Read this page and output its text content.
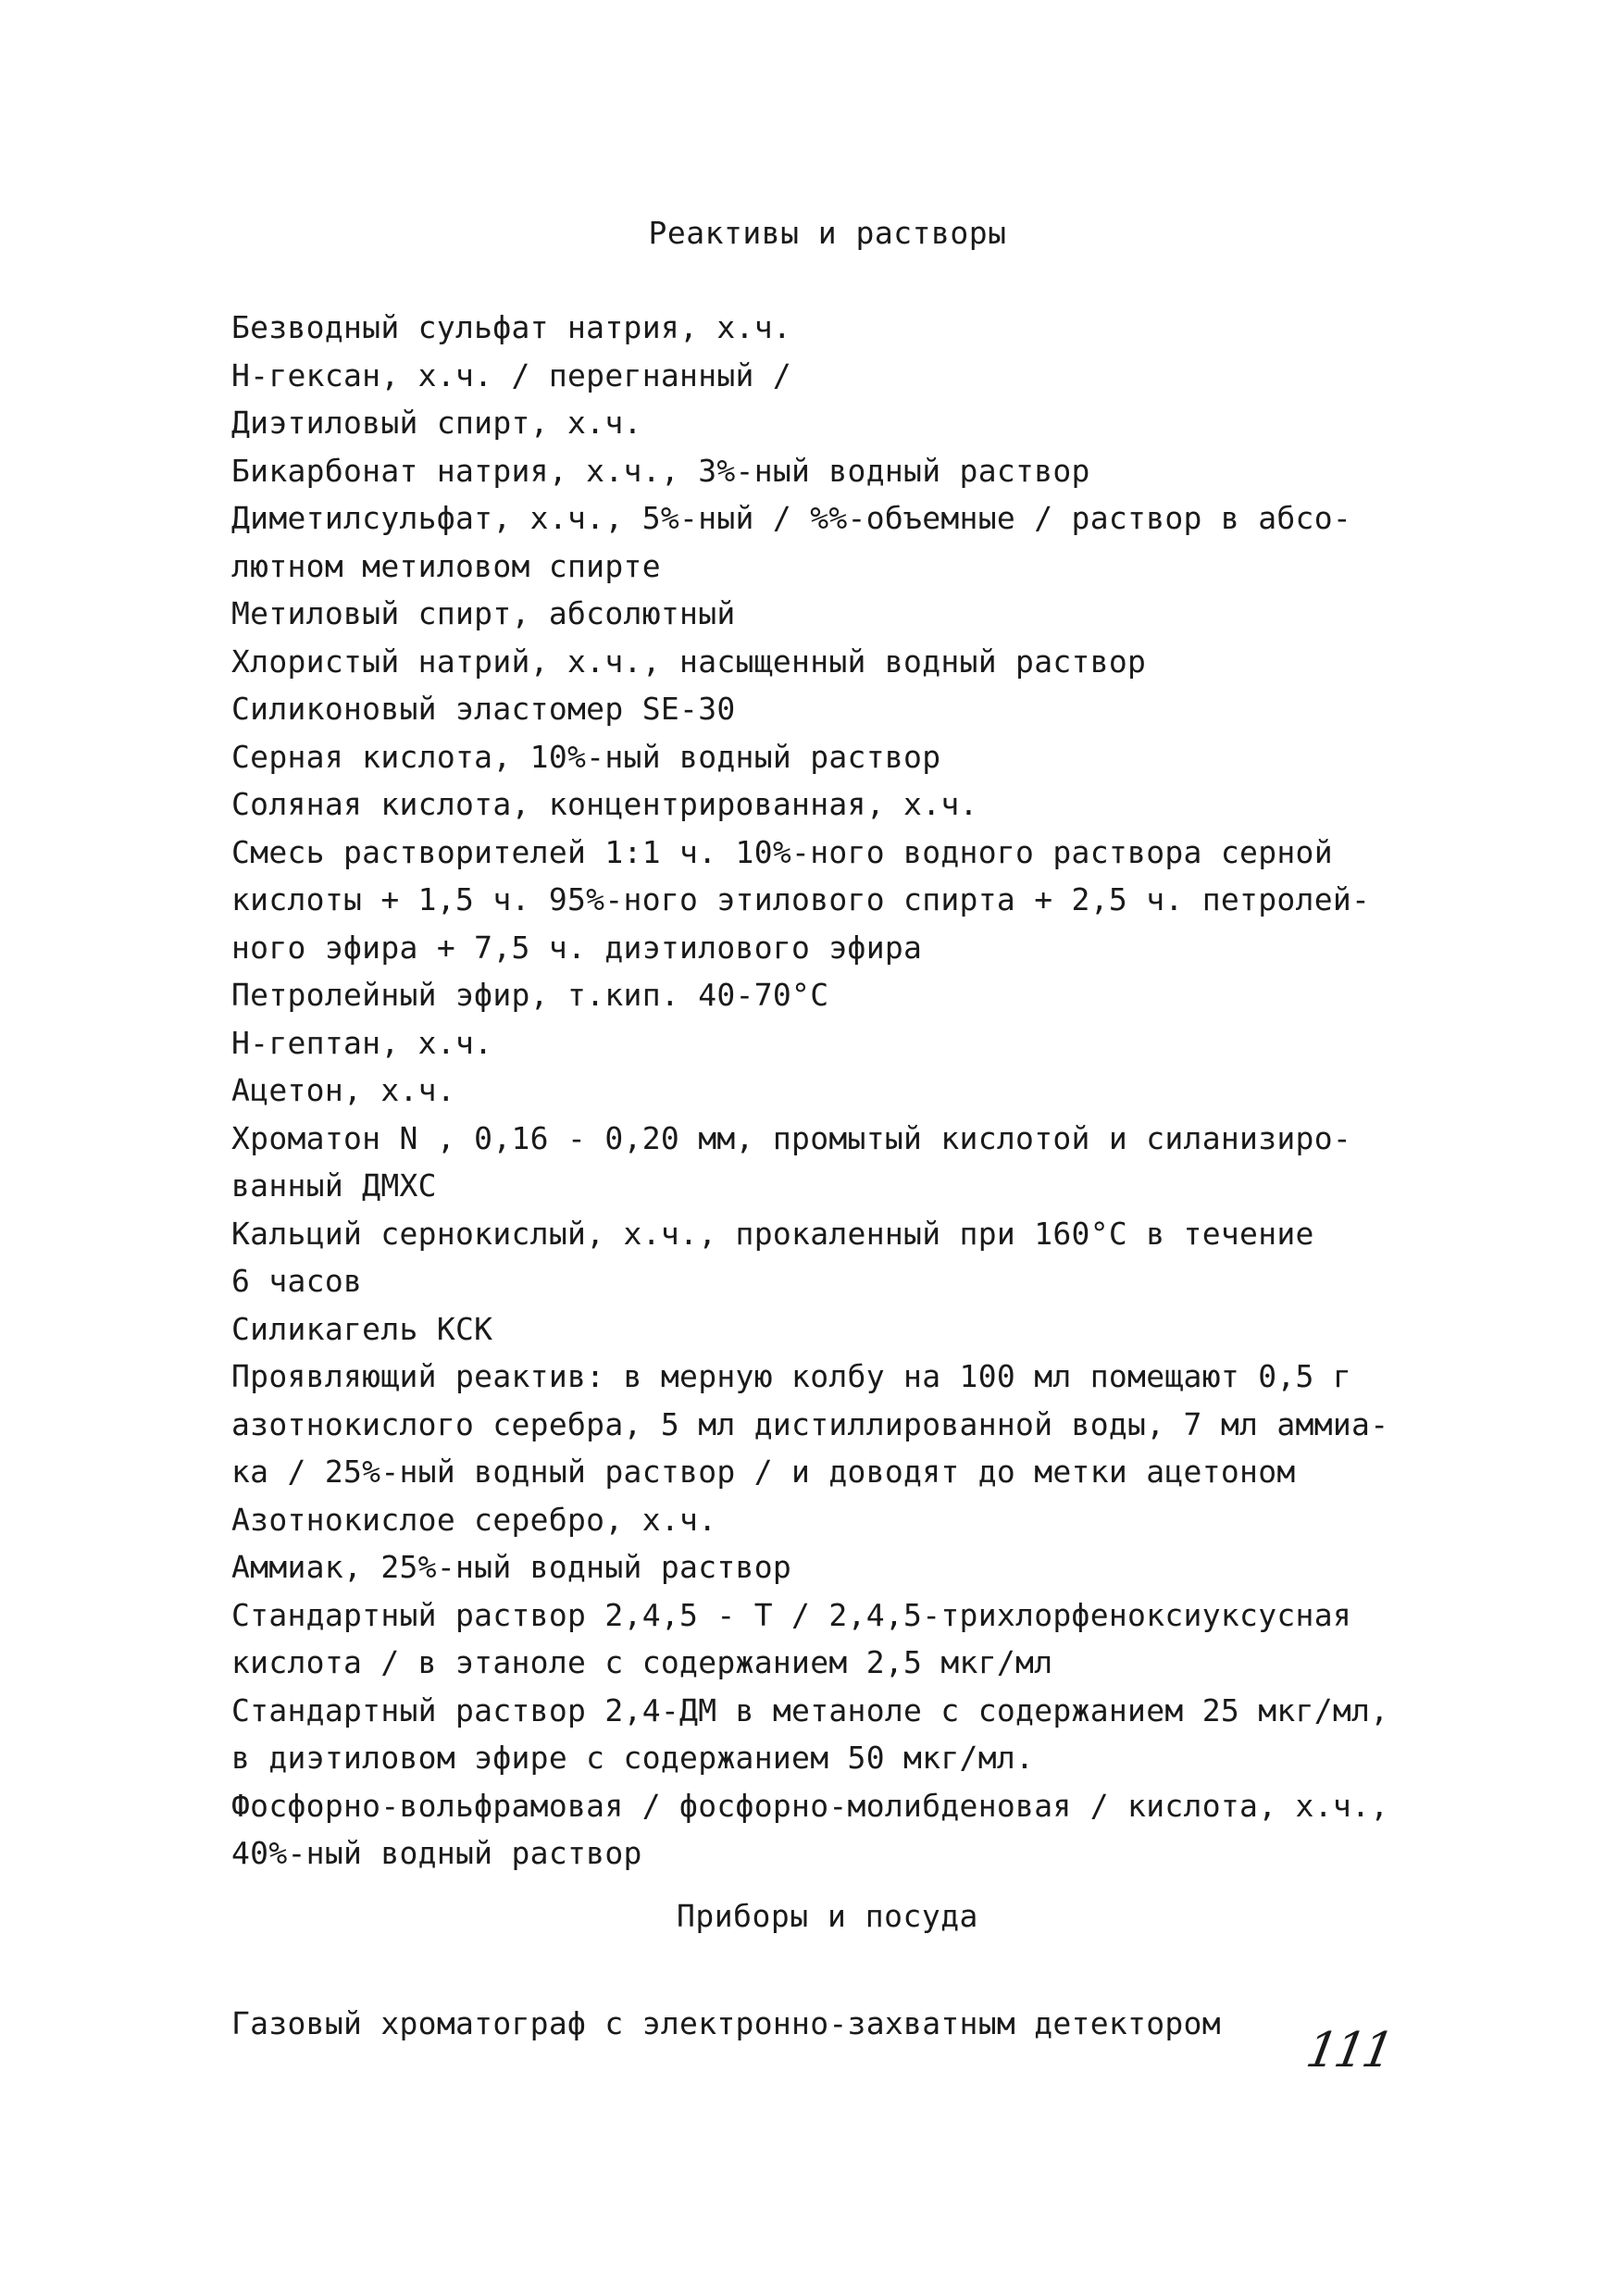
Реактивы и растворы
Безводный сульфат натрия, х.ч.
Н-гексан, х.ч. / перегнанный /
Диэтиловый спирт, х.ч.
Бикарбонат натрия, х.ч., 3%-ный водный раствор
Диметилсульфат, х.ч., 5%-ный / %%-объемные / раствор в абсо-
лютном метиловом спирте
Метиловый спирт, абсолютный
Хлористый натрий, х.ч., насыщенный водный раствор
Силиконовый эластомер SE-30
Серная кислота, 10%-ный водный раствор
Соляная кислота, концентрированная, х.ч.
Смесь растворителей 1:1 ч. 10%-ного водного раствора серной
кислоты + 1,5 ч. 95%-ного этилового спирта + 2,5 ч. петролей-
ного эфира + 7,5 ч. диэтилового эфира
Петролейный эфир, т.кип. 40-70°С
Н-гептан, х.ч.
Ацетон, х.ч.
Хроматон N , 0,16 - 0,20 мм, промытый кислотой и силанизиро-
ванный ДМХС
Кальций сернокислый, х.ч., прокаленный при 160°С в течение
6 часов
Силикагель КСК
Проявляющий реактив: в мерную колбу на 100 мл помещают 0,5 г
азотнокислого серебра, 5 мл дистиллированной воды, 7 мл аммиа-
ка / 25%-ный водный раствор / и доводят до метки ацетоном
Азотнокислое серебро, х.ч.
Аммиак, 25%-ный водный раствор
Стандартный раствор 2,4,5 - Т / 2,4,5-трихлорфеноксиуксусная
кислота / в этаноле с содержанием 2,5 мкг/мл
Стандартный раствор 2,4-ДМ в метаноле с содержанием 25 мкг/мл,
в диэтиловом эфире с содержанием 50 мкг/мл.
Фосфорно-вольфрамовая / фосфорно-молибденовая / кислота, х.ч.,
40%-ный водный раствор
Приборы и посуда
Газовый хроматограф с электронно-захватным детектором	111
